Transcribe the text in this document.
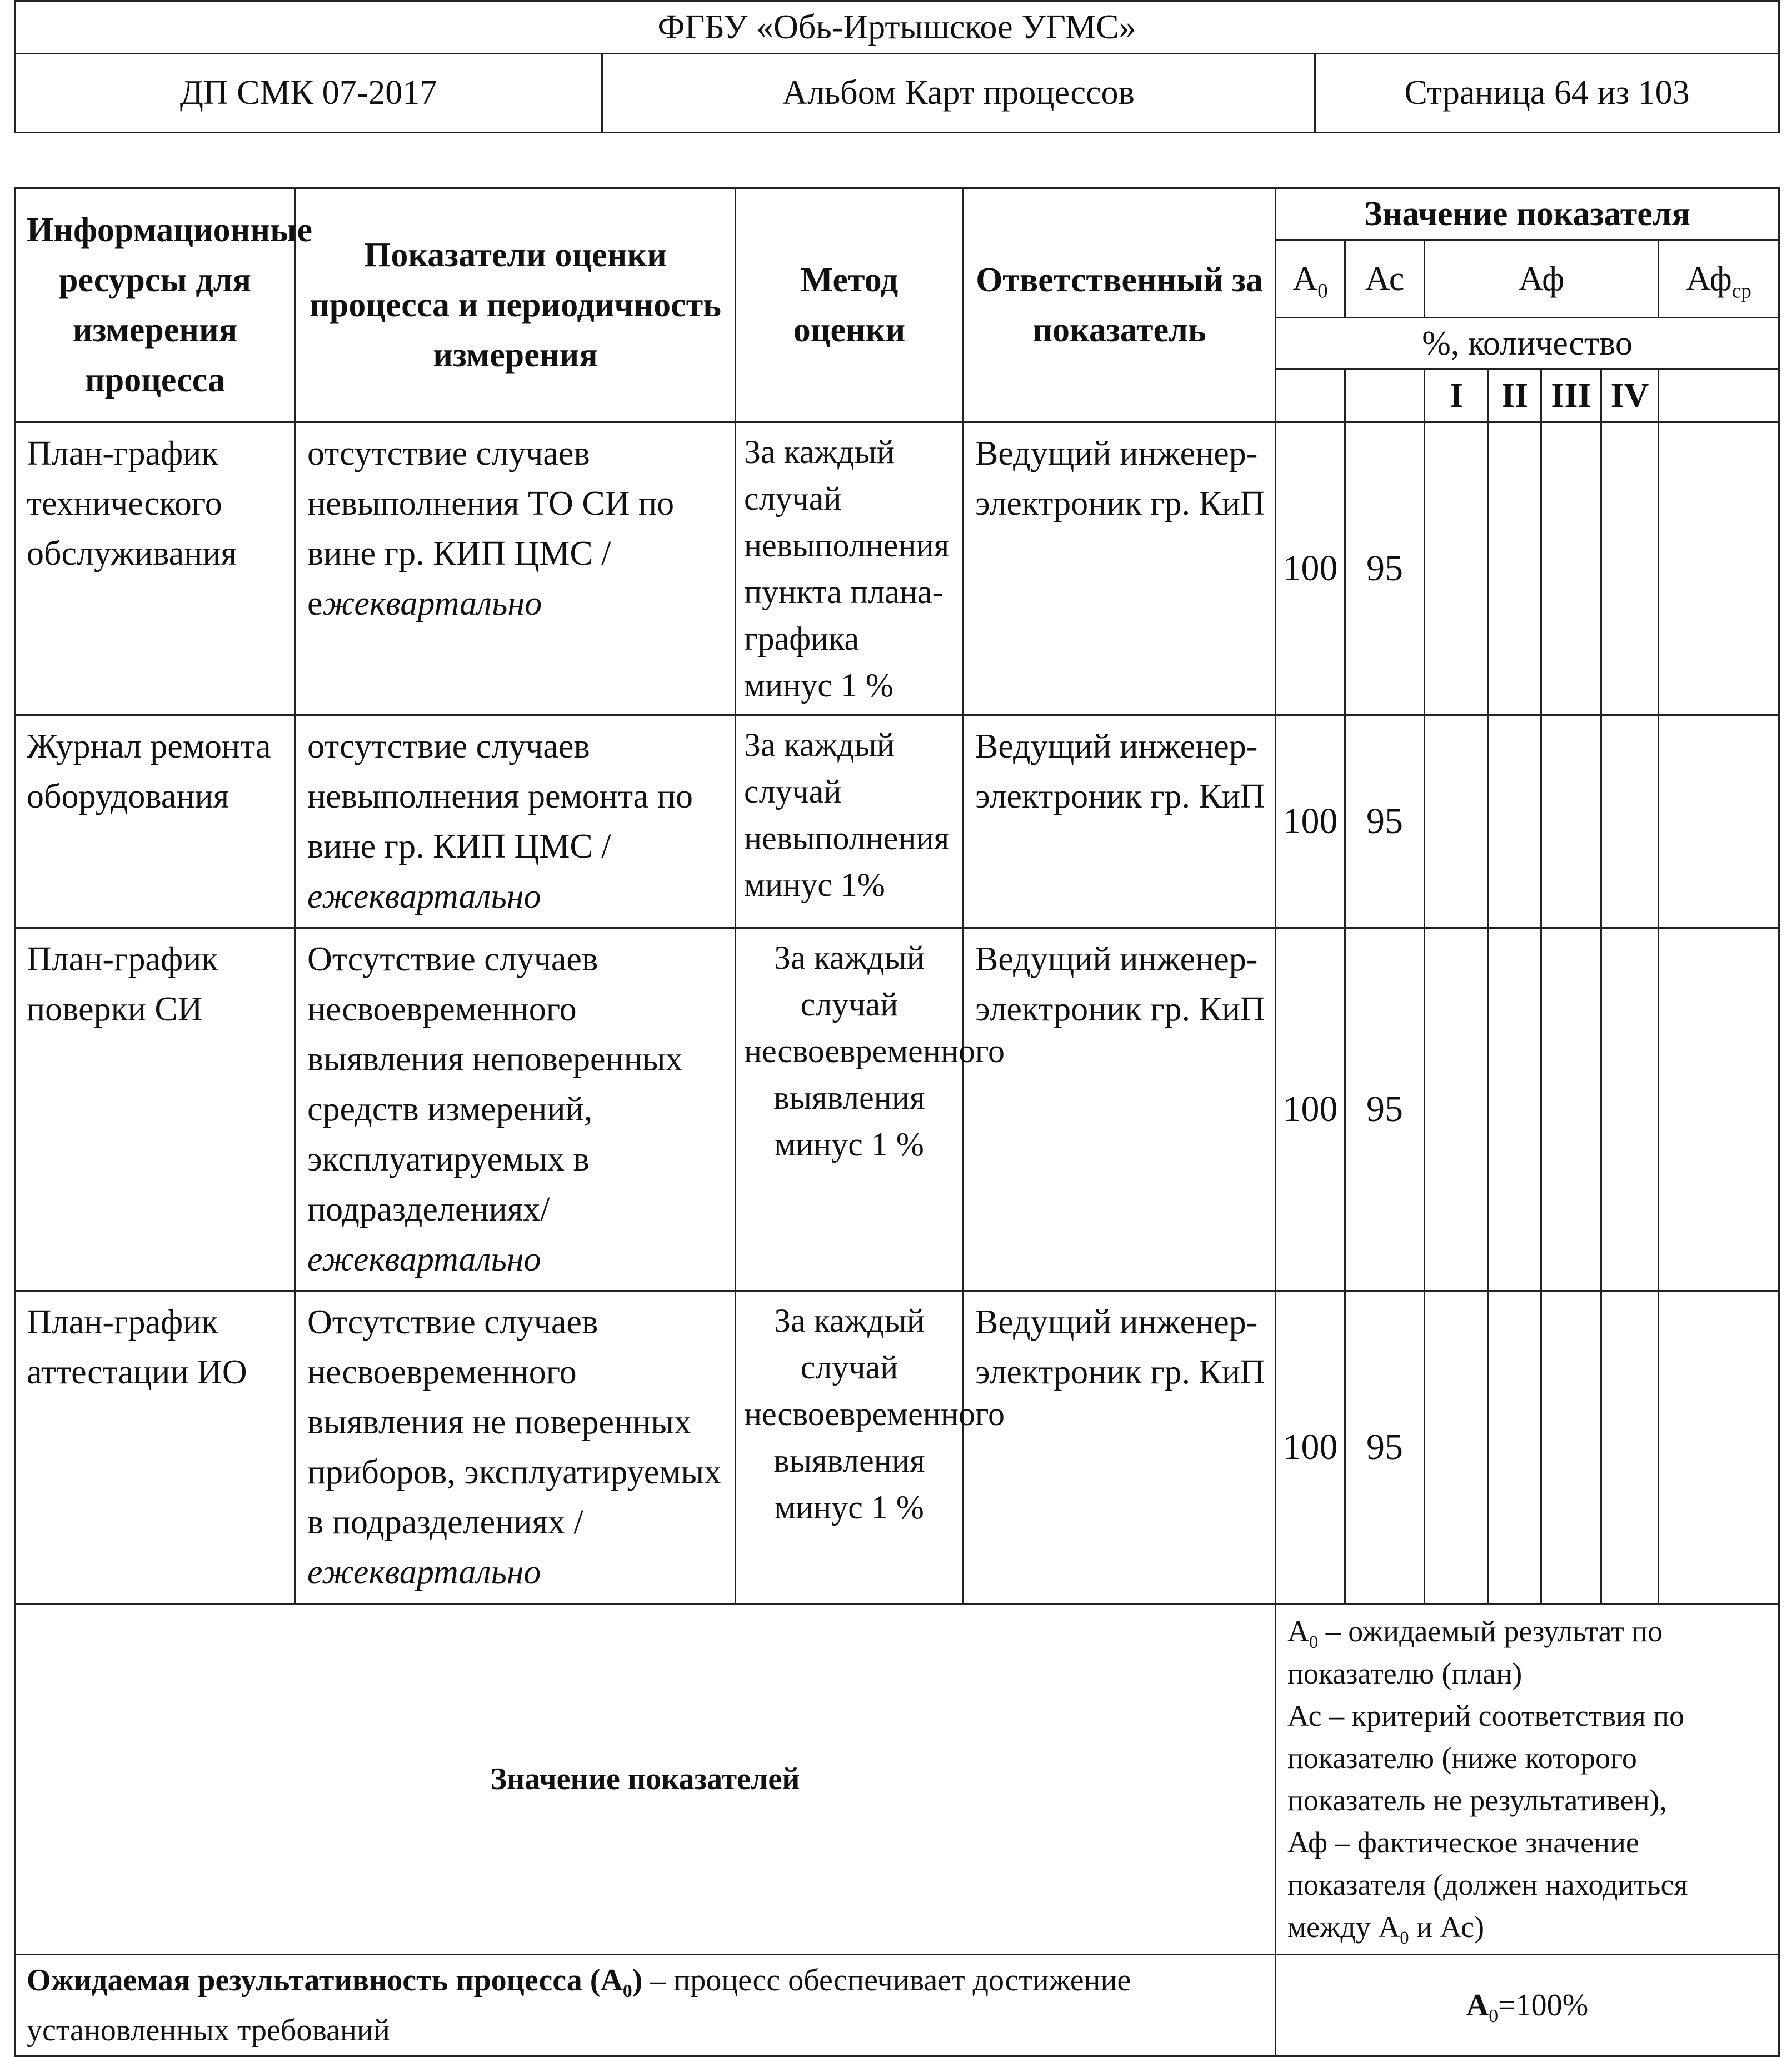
ФГБУ «Обь-Иртышское УГМС»
ДП СМК 07-2017	Альбом Карт процессов	Страница 64 из 103
Информационные ресурсы для измерения процесса	Показатели оценки процесса и периодичность измерения	Метод оценки	Ответственный за показатель	Значение показателя						
				$А_0$	Ас	Аф				$Аф_{ср}$
				%, количество						
						I	II	III	IV	
План-график технического обслуживания	отсутствие случаев невыполнения ТО СИ по вине гр. КИП ЦМС /ежеквартально	За каждый случай невыполнения пункта плана-графика минус 1 %	Ведущий инженер-электроник гр. КиП	100	95					
Журнал ремонта оборудования	отсутствие случаев невыполнения ремонта по вине гр. КИП ЦМС /ежеквартально	За каждый случай невыполнения минус 1%	Ведущий инженер-электроник гр. КиП	100	95					
План-график поверки СИ	Отсутствие случаев несвоевременного выявления неповеренных средств измерений, эксплуатируемых в подразделениях/ежеквартально	За каждый случай несвоевременного выявления минус 1 %	Ведущий инженер-электроник гр. КиП	100	95					
План-график аттестации ИО	Отсутствие случаев несвоевременного выявления не поверенных приборов, эксплуатируемых в подразделениях /ежеквартально	За каждый случай несвоевременного выявления минус 1 %	Ведущий инженер-электроник гр. КиП	100	95					
Значение показателей				$А_0$ – ожидаемый результат по показателю (план)
Ас – критерий соответствия по показателю (ниже которого показатель не результативен),
Аф – фактическое значение показателя (должен находиться между $А_0$ и Ас)						

Ожидаемая результативность процесса $(А_0)$ – процесс обеспечивает достижение установленных требований				$А_0=100\%$						
